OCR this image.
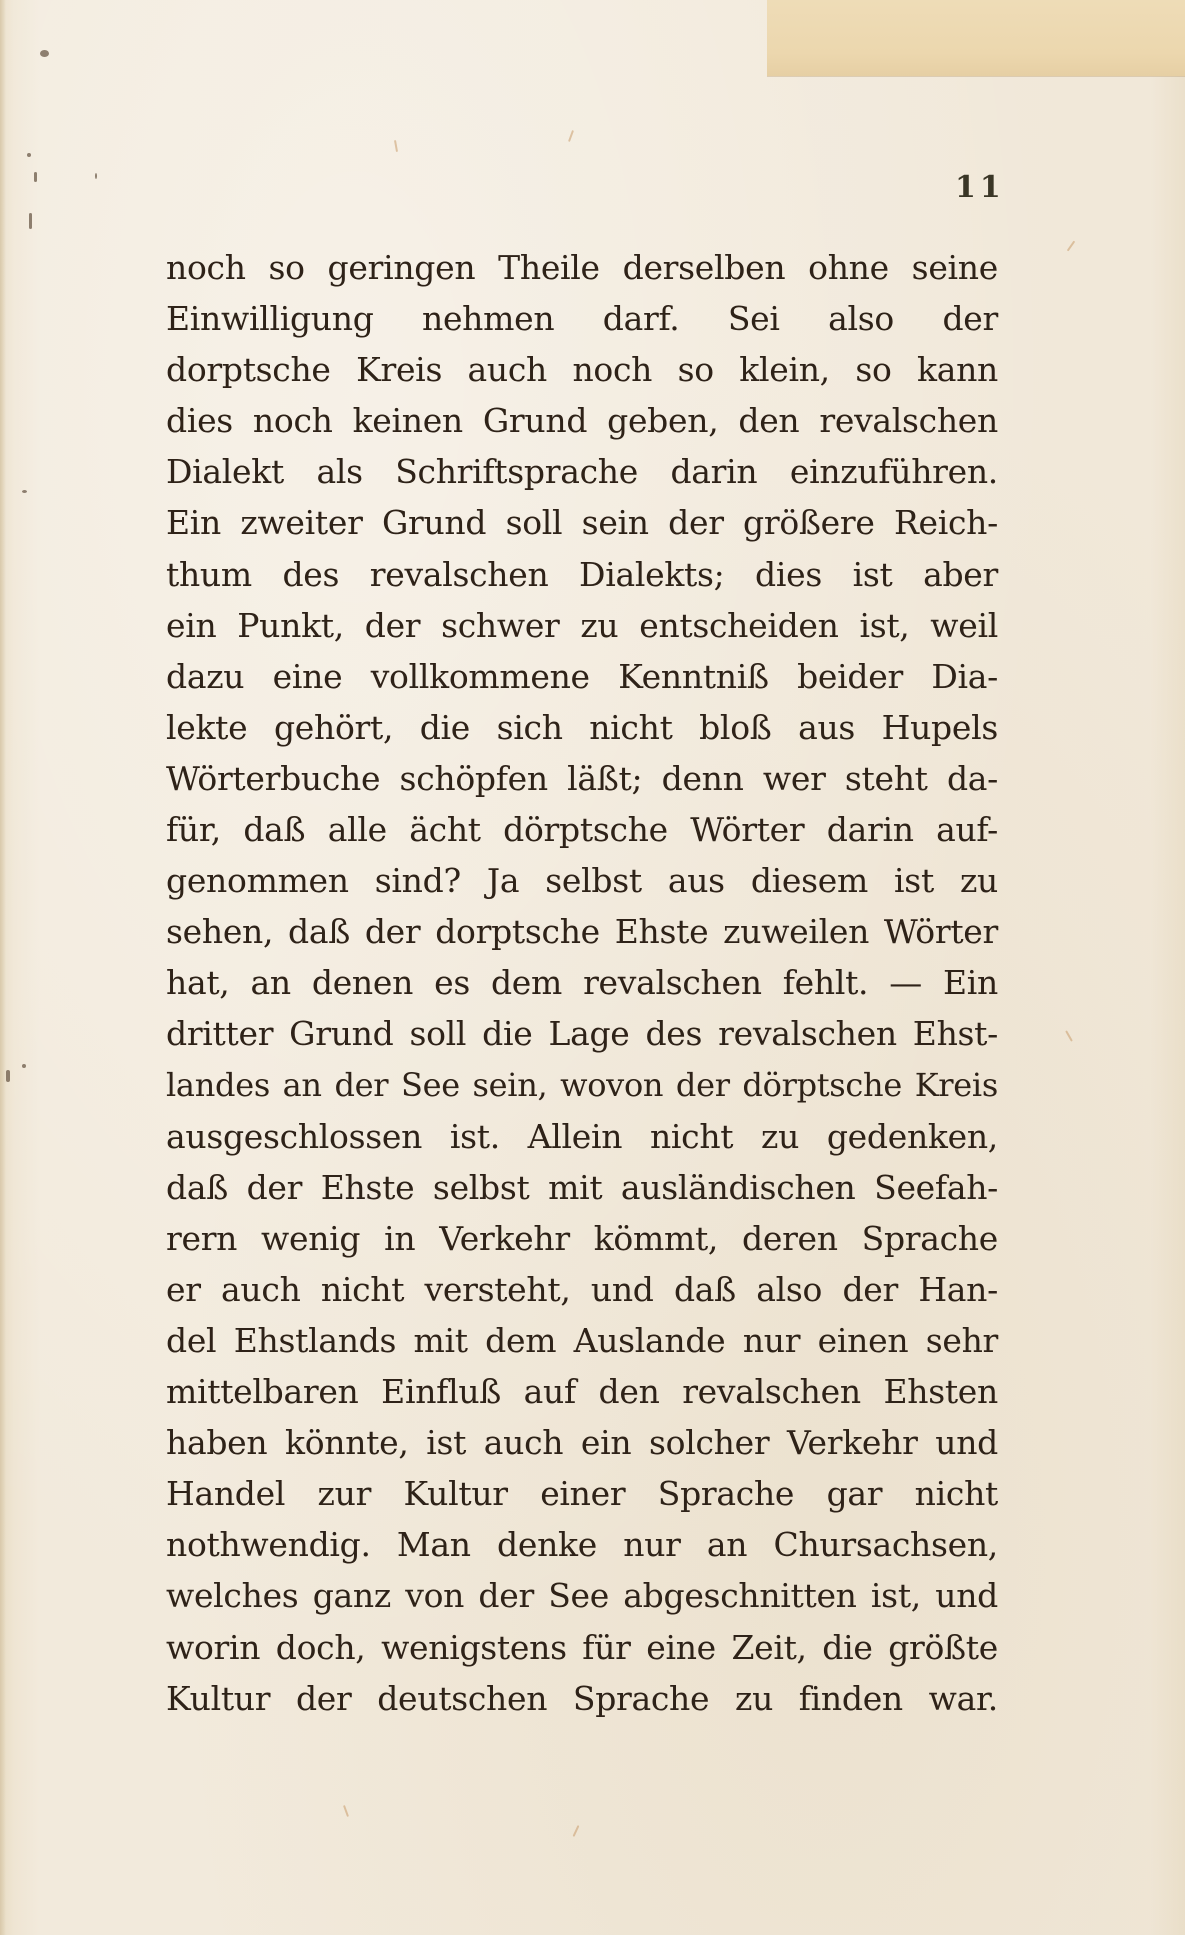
11
noch so geringen Theile derselben ohne seine
Einwilligung nehmen darf. Sei also der
dorptsche Kreis auch noch so klein, so kann
dies noch keinen Grund geben, den revalschen
Dialekt als Schriftsprache darin einzuführen.
Ein zweiter Grund soll sein der größere Reich-
thum des revalschen Dialekts; dies ist aber
ein Punkt, der schwer zu entscheiden ist, weil
dazu eine vollkommene Kenntniß beider Dia-
lekte gehört, die sich nicht bloß aus Hupels
Wörterbuche schöpfen läßt; denn wer steht da-
für, daß alle ächt dörptsche Wörter darin auf-
genommen sind? Ja selbst aus diesem ist zu
sehen, daß der dorptsche Ehste zuweilen Wörter
hat, an denen es dem revalschen fehlt. — Ein
dritter Grund soll die Lage des revalschen Ehst-
landes an der See sein, wovon der dörptsche Kreis
ausgeschlossen ist. Allein nicht zu gedenken,
daß der Ehste selbst mit ausländischen Seefah-
rern wenig in Verkehr kömmt, deren Sprache
er auch nicht versteht, und daß also der Han-
del Ehstlands mit dem Auslande nur einen sehr
mittelbaren Einfluß auf den revalschen Ehsten
haben könnte, ist auch ein solcher Verkehr und
Handel zur Kultur einer Sprache gar nicht
nothwendig. Man denke nur an Chursachsen,
welches ganz von der See abgeschnitten ist, und
worin doch, wenigstens für eine Zeit, die größte
Kultur der deutschen Sprache zu finden war.
